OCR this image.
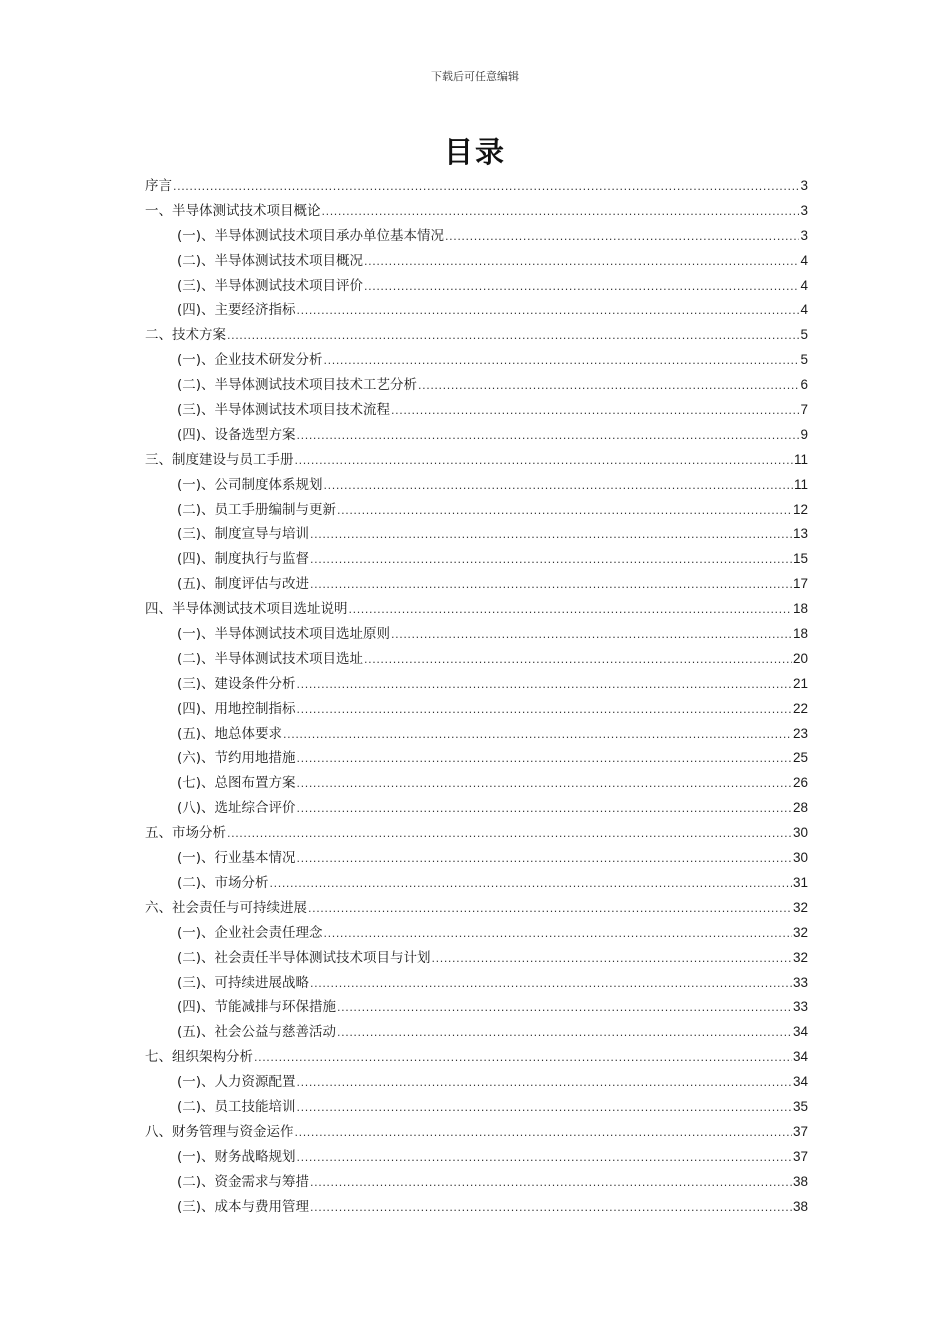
下载后可任意编辑
目录
序言 .....	3
一、半导体测试技术项目概论 .....	3
(一)、半导体测试技术项目承办单位基本情况 .....	3
(二)、半导体测试技术项目概况 .....	4
(三)、半导体测试技术项目评价 .....	4
(四)、主要经济指标 .....	4
二、技术方案 .....	5
(一)、企业技术研发分析 .....	5
(二)、半导体测试技术项目技术工艺分析 .....	6
(三)、半导体测试技术项目技术流程 .....	7
(四)、设备选型方案 .....	9
三、制度建设与员工手册 .....	11
(一)、公司制度体系规划 .....	11
(二)、员工手册编制与更新 .....	12
(三)、制度宣导与培训 .....	13
(四)、制度执行与监督 .....	15
(五)、制度评估与改进 .....	17
四、半导体测试技术项目选址说明 .....	18
(一)、半导体测试技术项目选址原则 .....	18
(二)、半导体测试技术项目选址 .....	20
(三)、建设条件分析 .....	21
(四)、用地控制指标 .....	22
(五)、地总体要求 .....	23
(六)、节约用地措施 .....	25
(七)、总图布置方案 .....	26
(八)、选址综合评价 .....	28
五、市场分析 .....	30
(一)、行业基本情况 .....	30
(二)、市场分析 .....	31
六、社会责任与可持续进展 .....	32
(一)、企业社会责任理念 .....	32
(二)、社会责任半导体测试技术项目与计划 .....	32
(三)、可持续进展战略 .....	33
(四)、节能减排与环保措施 .....	33
(五)、社会公益与慈善活动 .....	34
七、组织架构分析 .....	34
(一)、人力资源配置 .....	34
(二)、员工技能培训 .....	35
八、财务管理与资金运作 .....	37
(一)、财务战略规划 .....	37
(二)、资金需求与筹措 .....	38
(三)、成本与费用管理 .....	38
